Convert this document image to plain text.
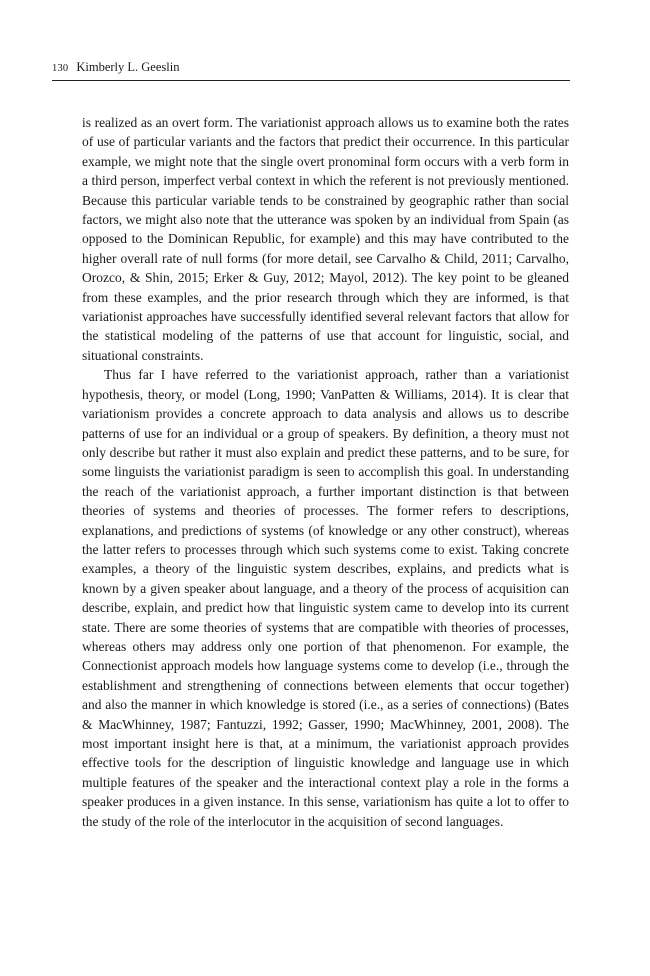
130 Kimberly L. Geeslin

is realized as an overt form. The variationist approach allows us to examine both the rates of use of particular variants and the factors that predict their occurrence. In this particular example, we might note that the single overt pronominal form occurs with a verb form in a third person, imperfect verbal context in which the referent is not previously mentioned. Because this particular variable tends to be constrained by geographic rather than social factors, we might also note that the utterance was spoken by an individual from Spain (as opposed to the Dominican Republic, for example) and this may have contributed to the higher overall rate of null forms (for more detail, see Carvalho & Child, 2011; Carvalho, Orozco, & Shin, 2015; Erker & Guy, 2012; Mayol, 2012). The key point to be gleaned from these examples, and the prior research through which they are informed, is that variationist approaches have successfully identified several relevant factors that allow for the statistical modeling of the patterns of use that account for linguistic, social, and situational constraints.

Thus far I have referred to the variationist approach, rather than a variationist hypothesis, theory, or model (Long, 1990; VanPatten & Williams, 2014). It is clear that variationism provides a concrete approach to data analysis and allows us to describe patterns of use for an individual or a group of speakers. By definition, a theory must not only describe but rather it must also explain and predict these patterns, and to be sure, for some linguists the variationist paradigm is seen to accomplish this goal. In understanding the reach of the variationist approach, a further important distinction is that between theories of systems and theories of processes. The former refers to descriptions, explanations, and predictions of systems (of knowledge or any other construct), whereas the latter refers to processes through which such systems come to exist. Taking concrete examples, a theory of the linguistic system describes, explains, and predicts what is known by a given speaker about language, and a theory of the process of acquisition can describe, explain, and predict how that linguistic system came to develop into its current state. There are some theories of systems that are compatible with theories of processes, whereas others may address only one portion of that phenomenon. For example, the Connectionist approach models how language systems come to develop (i.e., through the establishment and strengthening of connections between elements that occur together) and also the manner in which knowledge is stored (i.e., as a series of connections) (Bates & MacWhinney, 1987; Fantuzzi, 1992; Gasser, 1990; MacWhinney, 2001, 2008). The most important insight here is that, at a minimum, the variationist approach provides effective tools for the description of linguistic knowledge and language use in which multiple features of the speaker and the interactional context play a role in the forms a speaker produces in a given instance. In this sense, variationism has quite a lot to offer to the study of the role of the interlocutor in the acquisition of second languages.
